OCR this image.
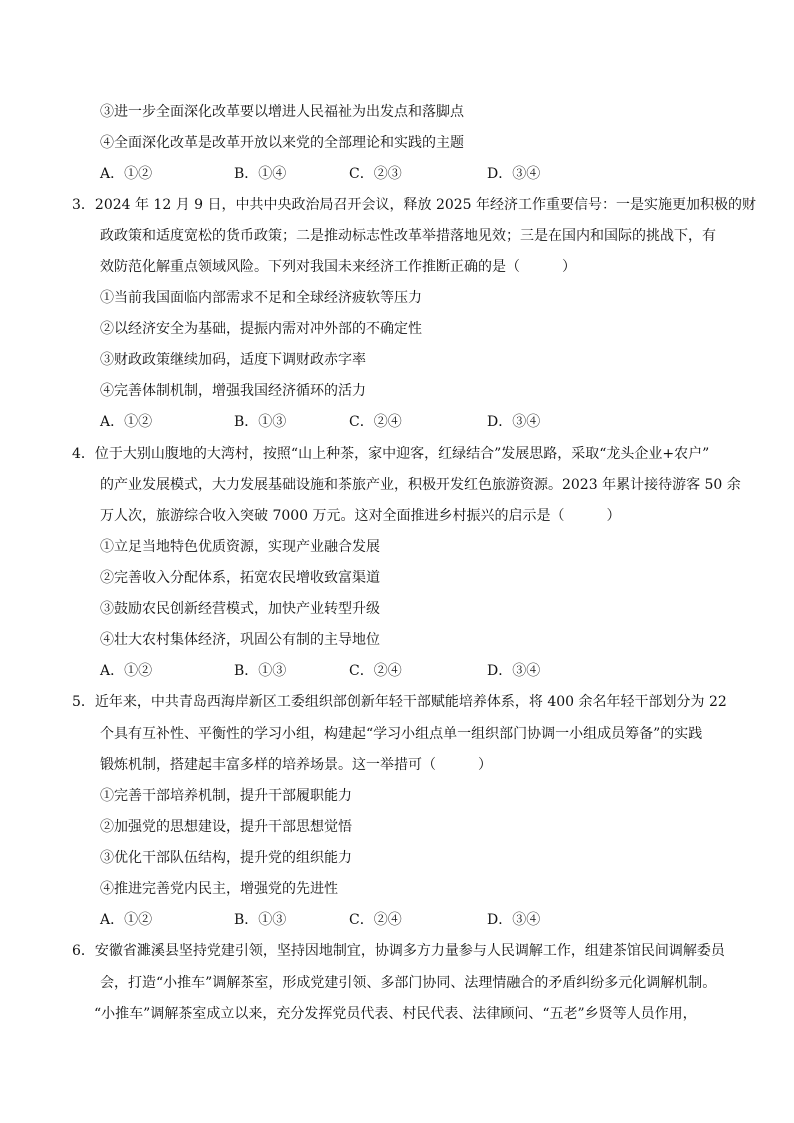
③进一步全面深化改革要以增进人民福祉为出发点和落脚点
④全面深化改革是改革开放以来党的全部理论和实践的主题
A．①②	B．①④	C．②③	D．③④
3．2024 年 12 月 9 日，中共中央政治局召开会议，释放 2025 年经济工作重要信号：一是实施更加积极的财
政政策和适度宽松的货币政策；二是推动标志性改革举措落地见效；三是在国内和国际的挑战下，有
效防范化解重点领域风险。下列对我国未来经济工作推断正确的是（　　　）
①当前我国面临内部需求不足和全球经济疲软等压力
②以经济安全为基础，提振内需对冲外部的不确定性
③财政政策继续加码，适度下调财政赤字率
④完善体制机制，增强我国经济循环的活力
A．①②	B．①③	C．②④	D．③④
4．位于大别山腹地的大湾村，按照“山上种茶，家中迎客，红绿结合”发展思路，采取“龙头企业+农户”
的产业发展模式，大力发展基础设施和茶旅产业，积极开发红色旅游资源。2023 年累计接待游客 50 余
万人次，旅游综合收入突破 7000 万元。这对全面推进乡村振兴的启示是（　　　）
①立足当地特色优质资源，实现产业融合发展
②完善收入分配体系，拓宽农民增收致富渠道
③鼓励农民创新经营模式，加快产业转型升级
④壮大农村集体经济，巩固公有制的主导地位
A．①②	B．①③	C．②④	D．③④
5．近年来，中共青岛西海岸新区工委组织部创新年轻干部赋能培养体系，将 400 余名年轻干部划分为 22
个具有互补性、平衡性的学习小组，构建起“学习小组点单一组织部门协调一小组成员筹备”的实践
锻炼机制，搭建起丰富多样的培养场景。这一举措可（　　　）
①完善干部培养机制，提升干部履职能力
②加强党的思想建设，提升干部思想觉悟
③优化干部队伍结构，提升党的组织能力
④推进完善党内民主，增强党的先进性
A．①②	B．①③	C．②④	D．③④
6．安徽省濉溪县坚持党建引领，坚持因地制宜，协调多方力量参与人民调解工作，组建茶馆民间调解委员
会，打造“小推车”调解茶室，形成党建引领、多部门协同、法理情融合的矛盾纠纷多元化调解机制。
“小推车”调解茶室成立以来，充分发挥党员代表、村民代表、法律顾问、“五老”乡贤等人员作用，
